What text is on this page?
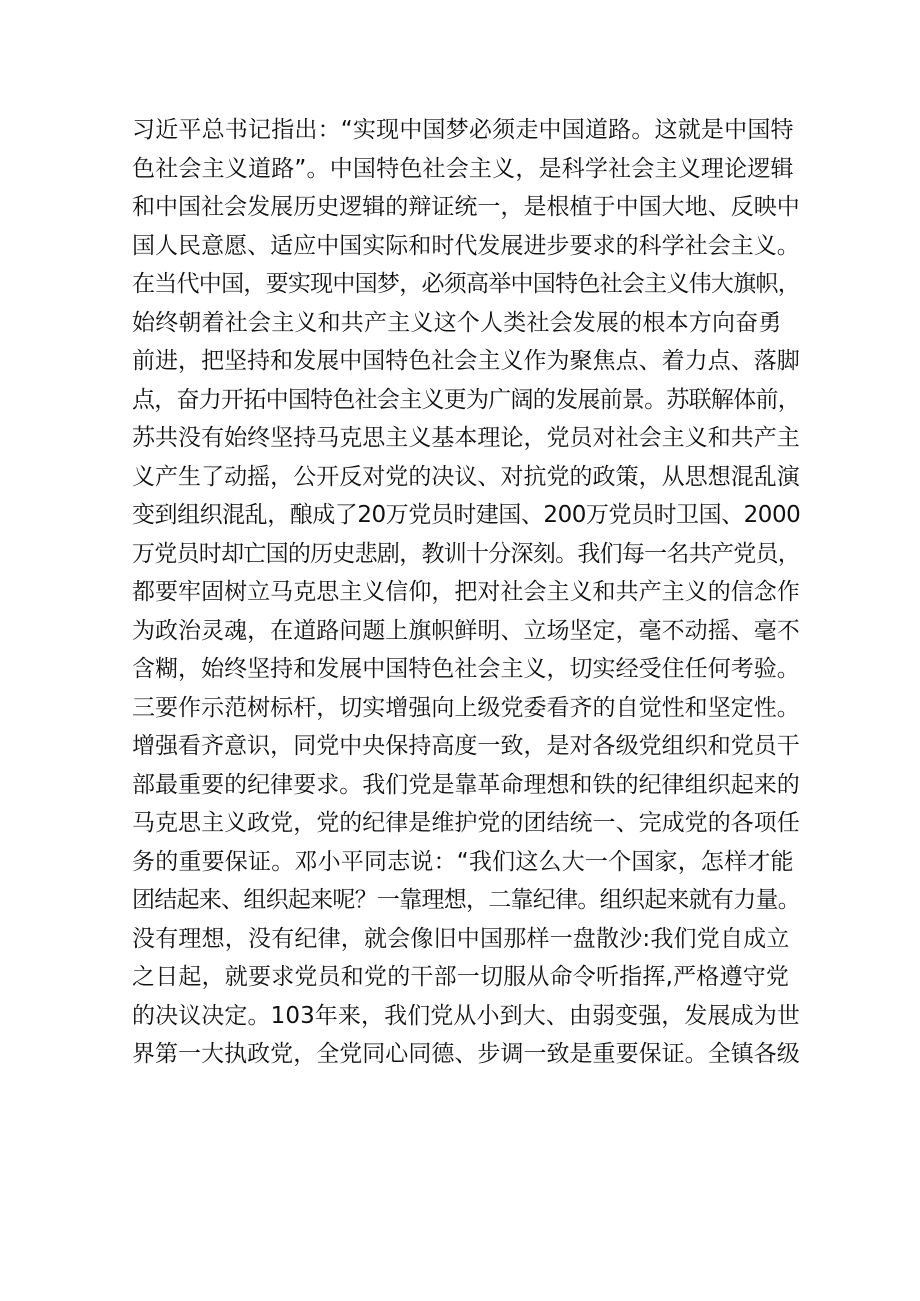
习近平总书记指出：“实现中国梦必须走中国道路。这就是中国特
色社会主义道路”。中国特色社会主义，是科学社会主义理论逻辑
和中国社会发展历史逻辑的辩证统一，是根植于中国大地、反映中
国人民意愿、适应中国实际和时代发展进步要求的科学社会主义。
在当代中国，要实现中国梦，必须高举中国特色社会主义伟大旗帜，
始终朝着社会主义和共产主义这个人类社会发展的根本方向奋勇
前进，把坚持和发展中国特色社会主义作为聚焦点、着力点、落脚
点，奋力开拓中国特色社会主义更为广阔的发展前景。苏联解体前，
苏共没有始终坚持马克思主义基本理论，党员对社会主义和共产主
义产生了动摇，公开反对党的决议、对抗党的政策，从思想混乱演
变到组织混乱，酿成了20万党员时建国、200万党员时卫国、2000
万党员时却亡国的历史悲剧，教训十分深刻。我们每一名共产党员，
都要牢固树立马克思主义信仰，把对社会主义和共产主义的信念作
为政治灵魂，在道路问题上旗帜鲜明、立场坚定，毫不动摇、毫不
含糊，始终坚持和发展中国特色社会主义，切实经受住任何考验。
三要作示范树标杆，切实增强向上级党委看齐的自觉性和坚定性。
增强看齐意识，同党中央保持高度一致，是对各级党组织和党员干
部最重要的纪律要求。我们党是靠革命理想和铁的纪律组织起来的
马克思主义政党，党的纪律是维护党的团结统一、完成党的各项任
务的重要保证。邓小平同志说：“我们这么大一个国家，怎样才能
团结起来、组织起来呢？一靠理想，二靠纪律。组织起来就有力量。
没有理想，没有纪律，就会像旧中国那样一盘散沙:我们党自成立
之日起，就要求党员和党的干部一切服从命令听指挥,严格遵守党
的决议决定。103年来，我们党从小到大、由弱变强，发展成为世
界第一大执政党，全党同心同德、步调一致是重要保证。全镇各级
